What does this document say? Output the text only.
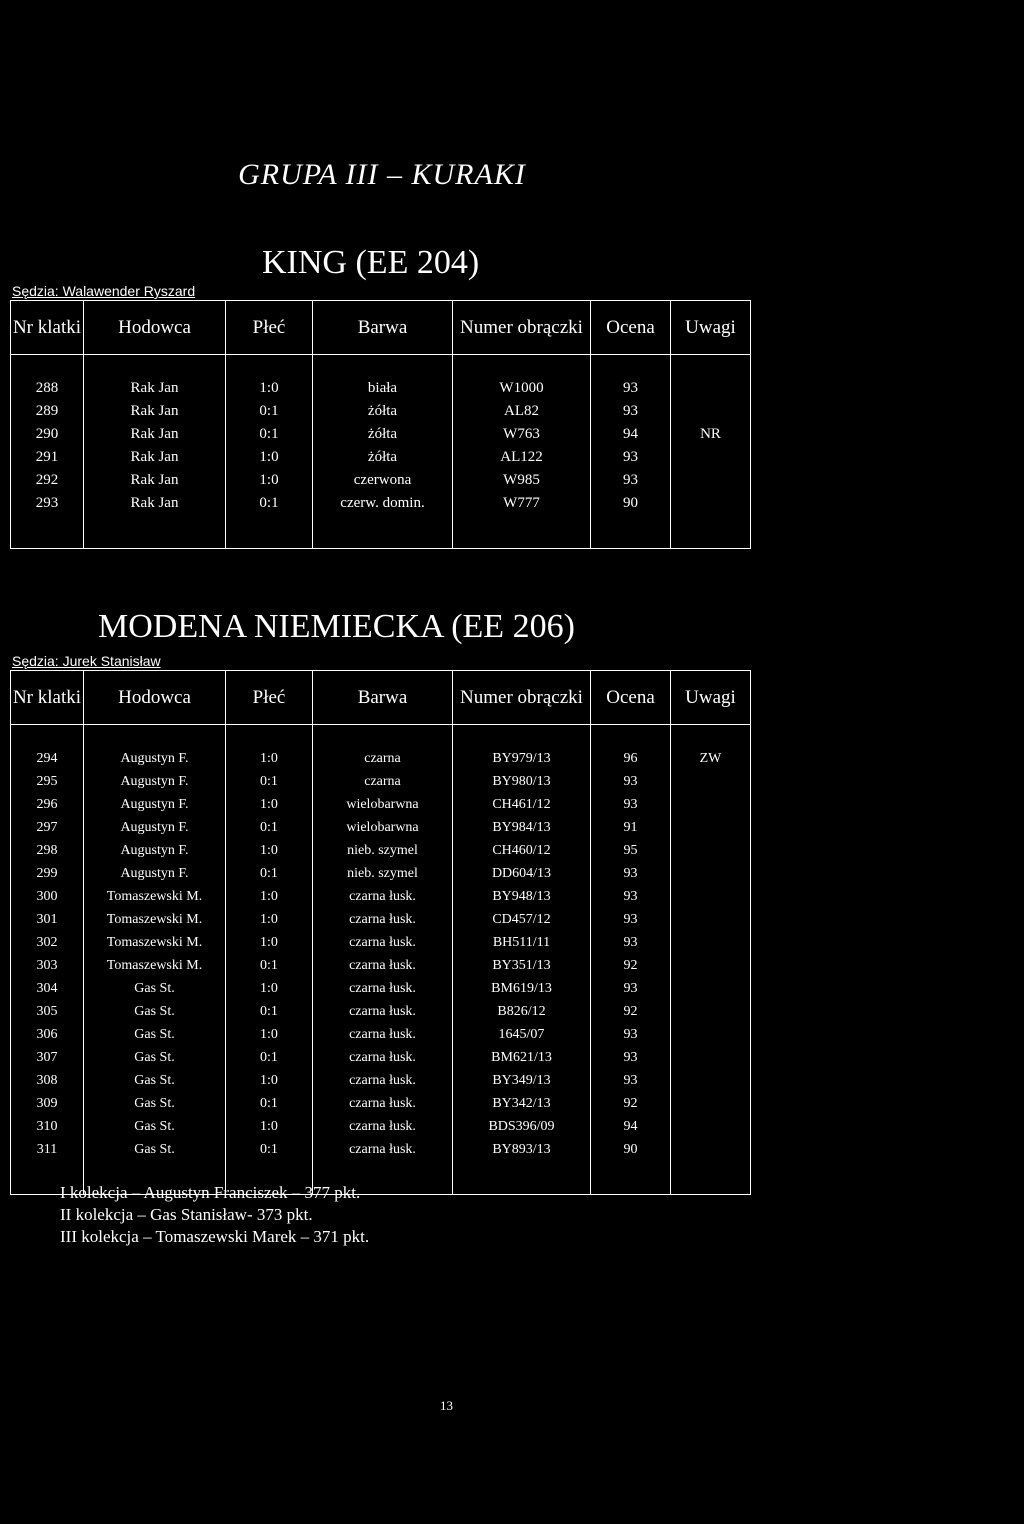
GRUPA III – KURAKI
KING (EE 204)
Sędzia: Walawender Ryszard
Nr klatki	Hodowca	Płeć	Barwa	Numer obrączki	Ocena	Uwagi

288	Rak Jan	1:0	biała	W1000	93	
289	Rak Jan	0:1	żółta	AL82	93	
290	Rak Jan	0:1	żółta	W763	94	NR
291	Rak Jan	1:0	żółta	AL122	93	
292	Rak Jan	1:0	czerwona	W985	93	
293	Rak Jan	0:1	czerw. domin.	W777	90	

MODENA NIEMIECKA (EE 206)
Sędzia: Jurek Stanisław
Nr klatki	Hodowca	Płeć	Barwa	Numer obrączki	Ocena	Uwagi

294	Augustyn F.	1:0	czarna	BY979/13	96	ZW
295	Augustyn F.	0:1	czarna	BY980/13	93	
296	Augustyn F.	1:0	wielobarwna	CH461/12	93	
297	Augustyn F.	0:1	wielobarwna	BY984/13	91	
298	Augustyn F.	1:0	nieb. szymel	CH460/12	95	
299	Augustyn F.	0:1	nieb. szymel	DD604/13	93	
300	Tomaszewski M.	1:0	czarna łusk.	BY948/13	93	
301	Tomaszewski M.	1:0	czarna łusk.	CD457/12	93	
302	Tomaszewski M.	1:0	czarna łusk.	BH511/11	93	
303	Tomaszewski M.	0:1	czarna łusk.	BY351/13	92	
304	Gas St.	1:0	czarna łusk.	BM619/13	93	
305	Gas St.	0:1	czarna łusk.	B826/12	92	
306	Gas St.	1:0	czarna łusk.	1645/07	93	
307	Gas St.	0:1	czarna łusk.	BM621/13	93	
308	Gas St.	1:0	czarna łusk.	BY349/13	93	
309	Gas St.	0:1	czarna łusk.	BY342/13	92	
310	Gas St.	1:0	czarna łusk.	BDS396/09	94	
311	Gas St.	0:1	czarna łusk.	BY893/13	90	

I kolekcja – Augustyn Franciszek – 377 pkt.
II kolekcja – Gas Stanisław- 373 pkt.
III kolekcja – Tomaszewski Marek – 371 pkt.
13
